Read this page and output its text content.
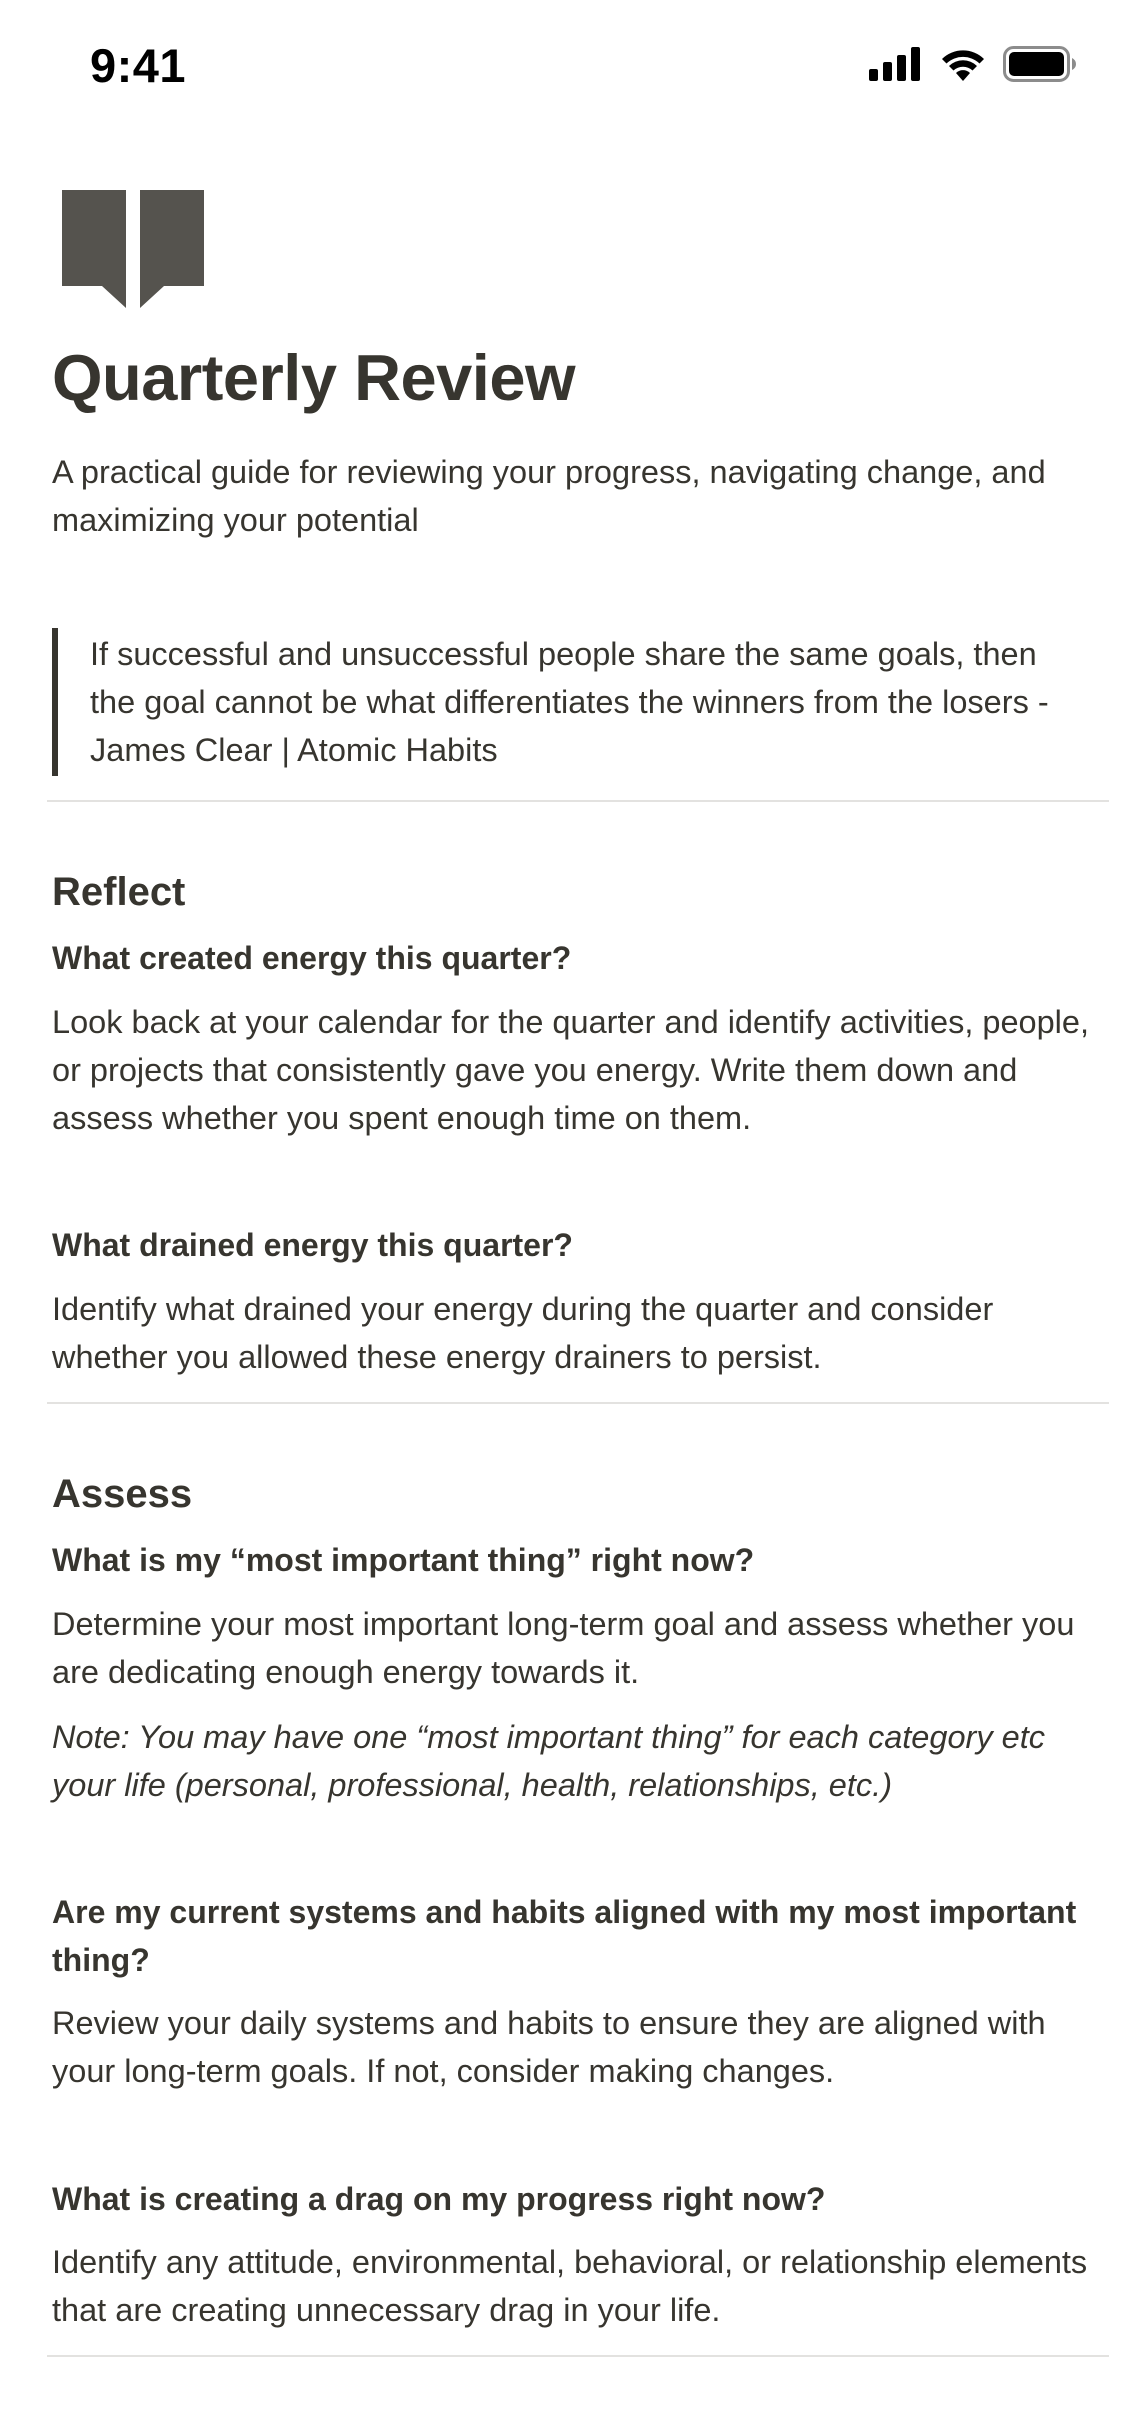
9:41
Quarterly Review

A practical guide for reviewing your progress, navigating change, and
maximizing your potential

If successful and unsuccessful people share the same goals, then
the goal cannot be what differentiates the winners from the losers -
James Clear | Atomic Habits
Reflect
What created energy this quarter?

Look back at your calendar for the quarter and identify activities, people,
or projects that consistently gave you energy. Write them down and
assess whether you spent enough time on them.

What drained energy this quarter?

Identify what drained your energy during the quarter and consider
whether you allowed these energy drainers to persist.

Assess
What is my “most important thing” right now?

Determine your most important long-term goal and assess whether you
are dedicating enough energy towards it.

Note: You may have one “most important thing” for each category etc
your life (personal, professional, health, relationships, etc.)

Are my current systems and habits aligned with my most important thing?

Review your daily systems and habits to ensure they are aligned with
your long-term goals. If not, consider making changes.

What is creating a drag on my progress right now?

Identify any attitude, environmental, behavioral, or relationship elements
that are creating unnecessary drag in your life.
